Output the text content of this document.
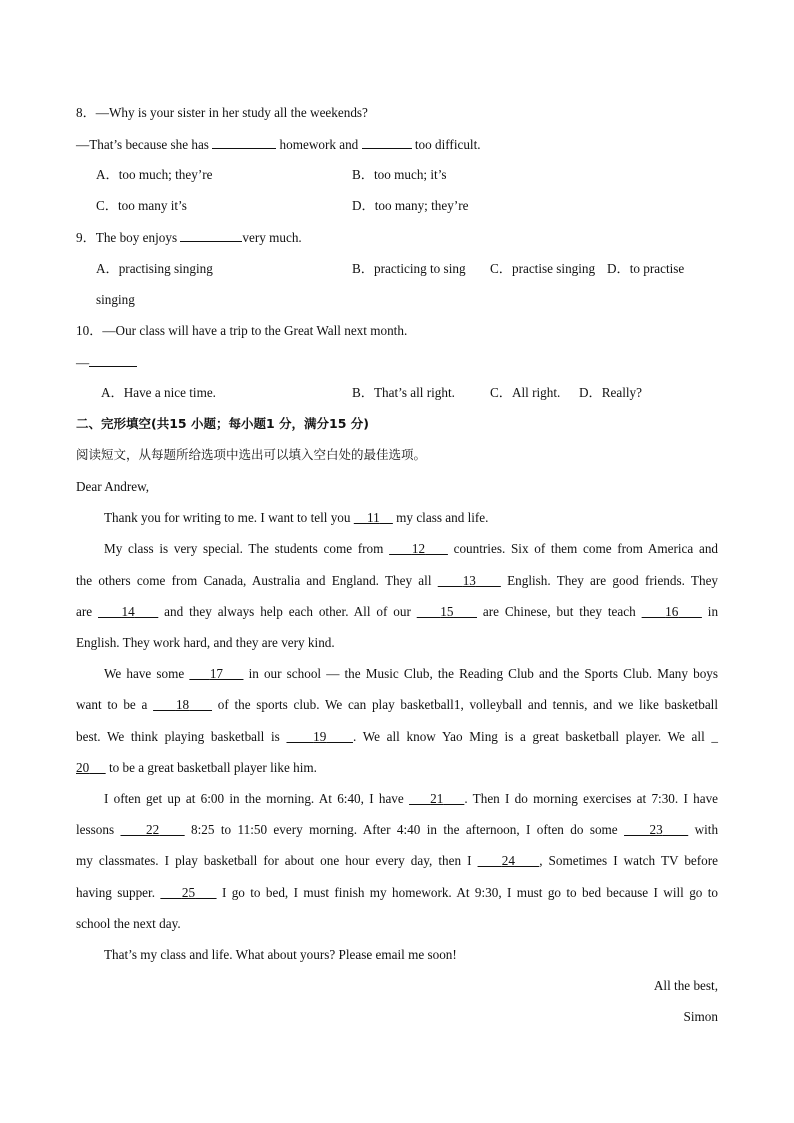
8．—Why is your sister in her study all the weekends?
—That’s because she has	homework and	too difficult.
A．too much; they’re	B．too much; it’s
C．too many it’s	D．too many; they’re
9．The boy enjoys	very much.
A．practising singing	B．practicing to sing C．practise singing D．to practise
singing
10．—Our class will have a trip to the Great Wall next month.
—
A．Have a nice time.	B．That’s all right.	C．All right. D．Really?
二、完形填空(共15 小题；每小题1 分，满分15 分)
阅读短文，从每题所给选项中选出可以填入空白处的最佳选项。
Dear Andrew,
Thank you for writing to me. I want to tell you 11 my class and life.
My class is very special. The students come from 12 countries. Six of them come from America and
the others come from Canada, Australia and England. They all 13 English. They are good friends. They
are 14 and they always help each other. All of our 15 are Chinese, but they teach 16 in
English. They work hard, and they are very kind.
We have some 17 in our school — the Music Club, the Reading Club and the Sports Club. Many boys
want to be a 18 of the sports club. We can play basketball1, volleyball and tennis, and we like basketball
best. We think playing basketball is	19 . We all know Yao Ming is a great basketball player. We all _
20 to be a great basketball player like him.
I often get up at 6:00 in the morning. At 6:40, I have 21 . Then I do morning exercises at 7:30. I have
lessons 22 8:25 to 11:50 every morning. After 4:40 in the afternoon, I often do some 23 with
my classmates. I play basketball for about one hour every day, then I 24 , Sometimes I watch TV before
having supper. 25 I go to bed, I must finish my homework. At 9:30, I must go to bed because I will go to
school the next day.
That’s my class and life. What about yours? Please email me soon!
All the best,
Simon
